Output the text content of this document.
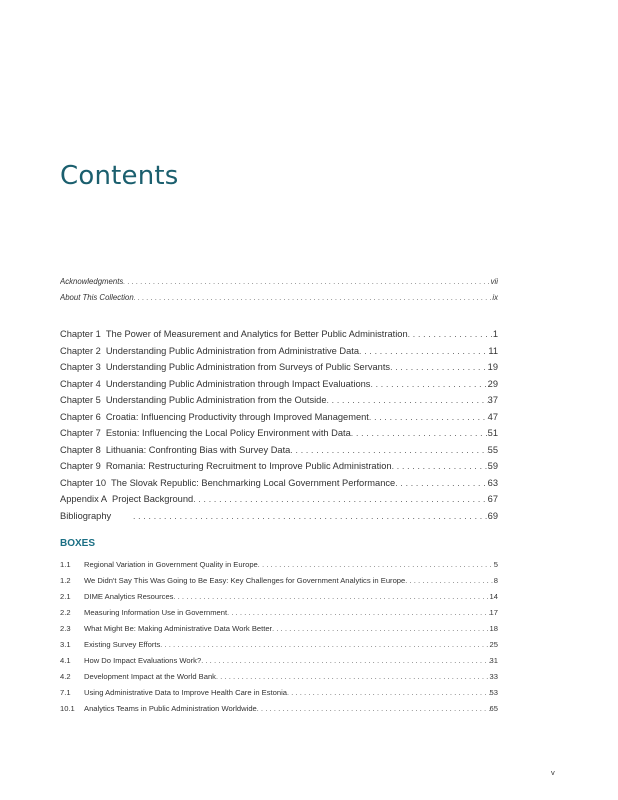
Contents
Acknowledgments . . .	vii
About This Collection . . .	ix
Chapter 1 The Power of Measurement and Analytics for Better Public Administration . . .	1
Chapter 2 Understanding Public Administration from Administrative Data . . .	11
Chapter 3 Understanding Public Administration from Surveys of Public Servants . . .	19
Chapter 4 Understanding Public Administration through Impact Evaluations . . .	29
Chapter 5 Understanding Public Administration from the Outside . . .	37
Chapter 6 Croatia: Influencing Productivity through Improved Management . . .	47
Chapter 7 Estonia: Influencing the Local Policy Environment with Data . . .	51
Chapter 8 Lithuania: Confronting Bias with Survey Data . . .	55
Chapter 9 Romania: Restructuring Recruitment to Improve Public Administration . . .	59
Chapter 10 The Slovak Republic: Benchmarking Local Government Performance . . .	63
Appendix A Project Background . . .	67
Bibliography . . .	69
BOXES
1.1 Regional Variation in Government Quality in Europe . . .	5
1.2 We Didn't Say This Was Going to Be Easy: Key Challenges for Government Analytics in Europe . . .	8
2.1 DIME Analytics Resources . . .	14
2.2 Measuring Information Use in Government . . .	17
2.3 What Might Be: Making Administrative Data Work Better . . .	18
3.1 Existing Survey Efforts . . .	25
4.1 How Do Impact Evaluations Work? . . .	31
4.2 Development Impact at the World Bank . . .	33
7.1 Using Administrative Data to Improve Health Care in Estonia . . .	53
10.1 Analytics Teams in Public Administration Worldwide . . .	65
v
